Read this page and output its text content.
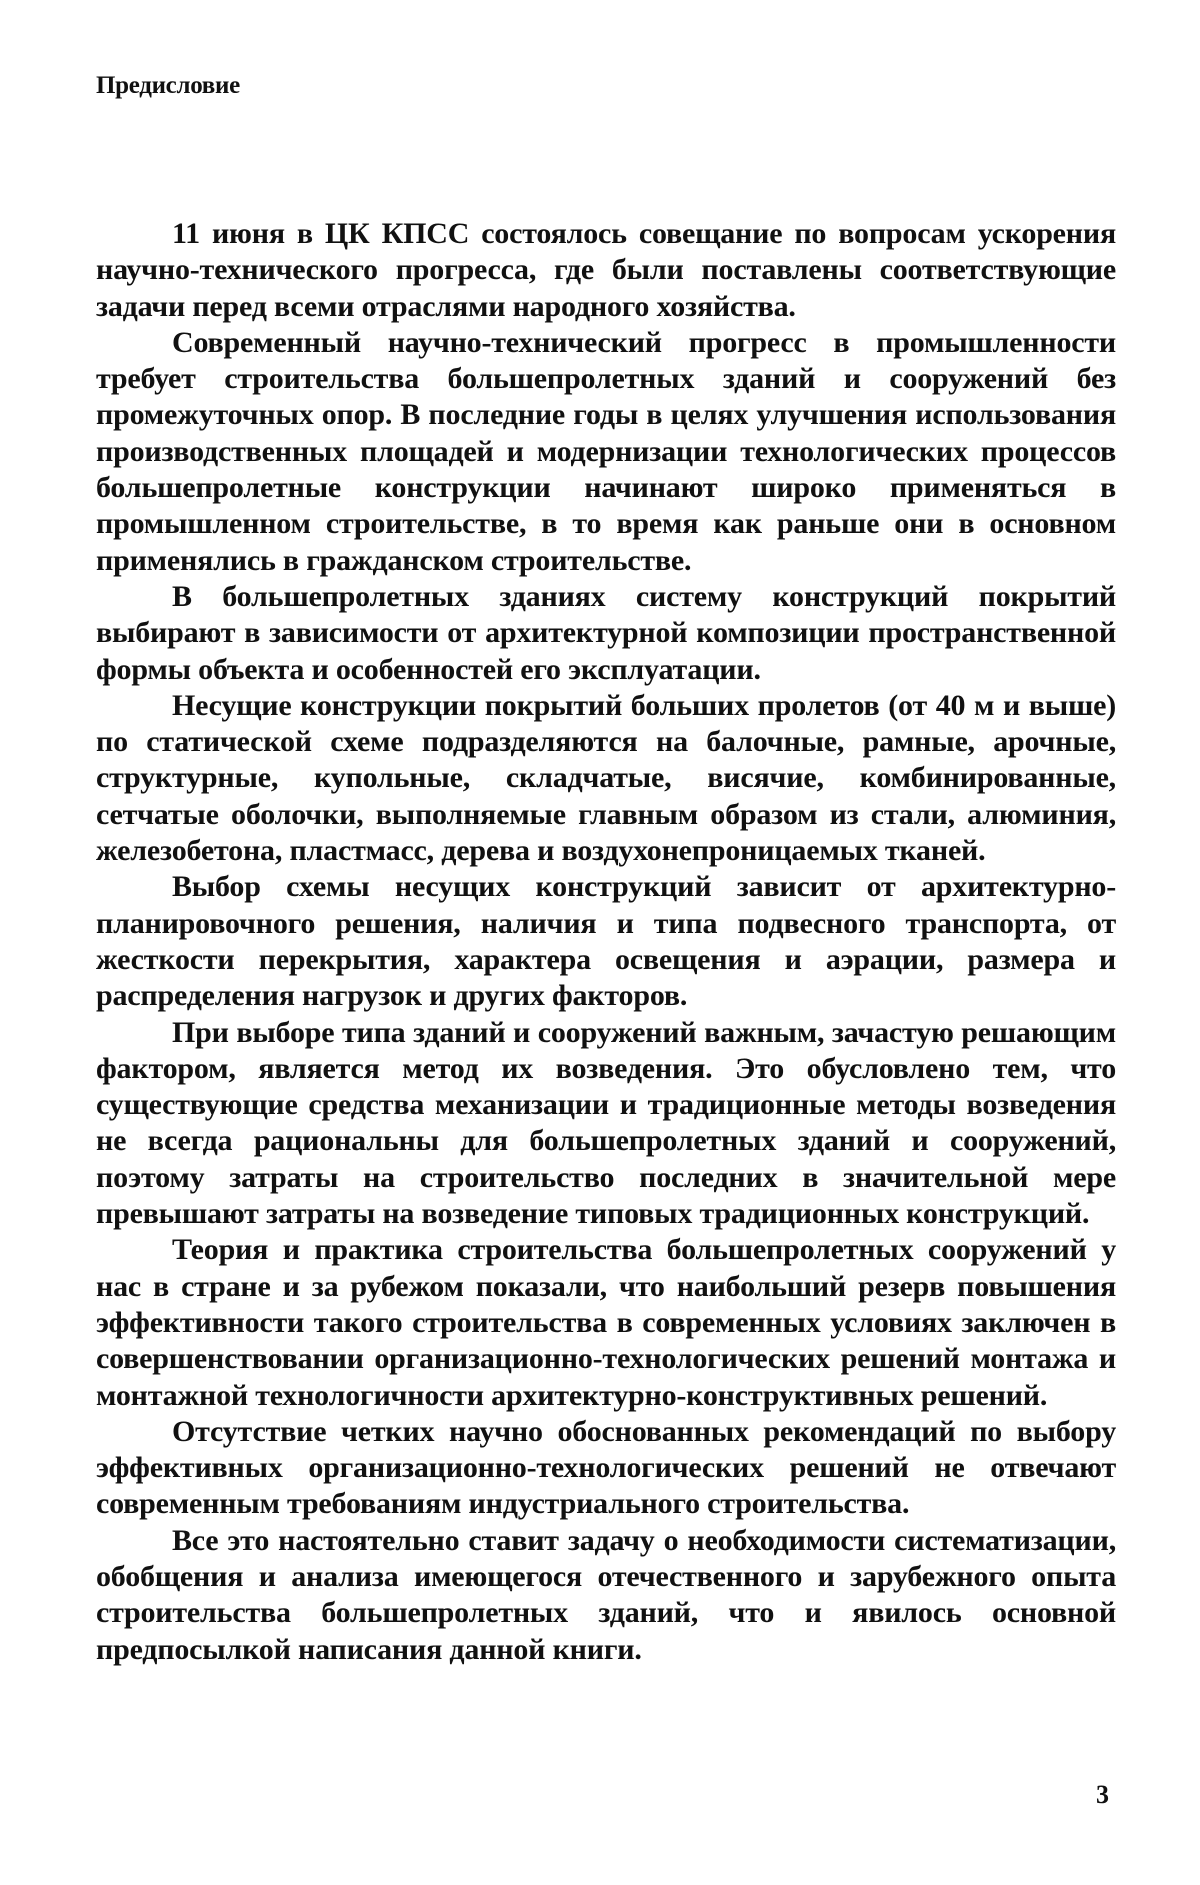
Предисловие

11 июня в ЦК КПСС состоялось совещание по вопросам ускорения научно-технического прогресса, где были поставлены соответствующие задачи перед всеми отраслями народного хозяйства.

Современный научно-технический прогресс в промышленности требует строительства большепролетных зданий и сооружений без промежуточных опор. В последние годы в целях улучшения использования производственных площадей и модернизации технологических процессов большепролетные конструкции начинают широко применяться в промышленном строительстве, в то время как раньше они в основном применялись в гражданском строительстве.

В большепролетных зданиях систему конструкций покрытий выбирают в зависимости от архитектурной композиции пространственной формы объекта и особенностей его эксплуатации.

Несущие конструкции покрытий больших пролетов (от 40 м и выше) по статической схеме подразделяются на балочные, рамные, арочные, структурные, купольные, складчатые, висячие, комбинированные, сетчатые оболочки, выполняемые главным образом из стали, алюминия, железобетона, пластмасс, дерева и воздухонепроницаемых тканей.

Выбор схемы несущих конструкций зависит от архитектурно-планировочного решения, наличия и типа подвесного транспорта, от жесткости перекрытия, характера освещения и аэрации, размера и распределения нагрузок и других факторов.

При выборе типа зданий и сооружений важным, зачастую решающим фактором, является метод их возведения. Это обусловлено тем, что существующие средства механизации и традиционные методы возведения не всегда рациональны для большепролетных зданий и сооружений, поэтому затраты на строительство последних в значительной мере превышают затраты на возведение типовых традиционных конструкций.

Теория и практика строительства большепролетных сооружений у нас в стране и за рубежом показали, что наибольший резерв повышения эффективности такого строительства в современных условиях заключен в совершенствовании организационно-технологических решений монтажа и монтажной технологичности архитектурно-конструктивных решений.

Отсутствие четких научно обоснованных рекомендаций по выбору эффективных организационно-технологических решений не отвечают современным требованиям индустриального строительства.

Все это настоятельно ставит задачу о необходимости систематизации, обобщения и анализа имеющегося отечественного и зарубежного опыта строительства большепролетных зданий, что и явилось основной предпосылкой написания данной книги.

3
